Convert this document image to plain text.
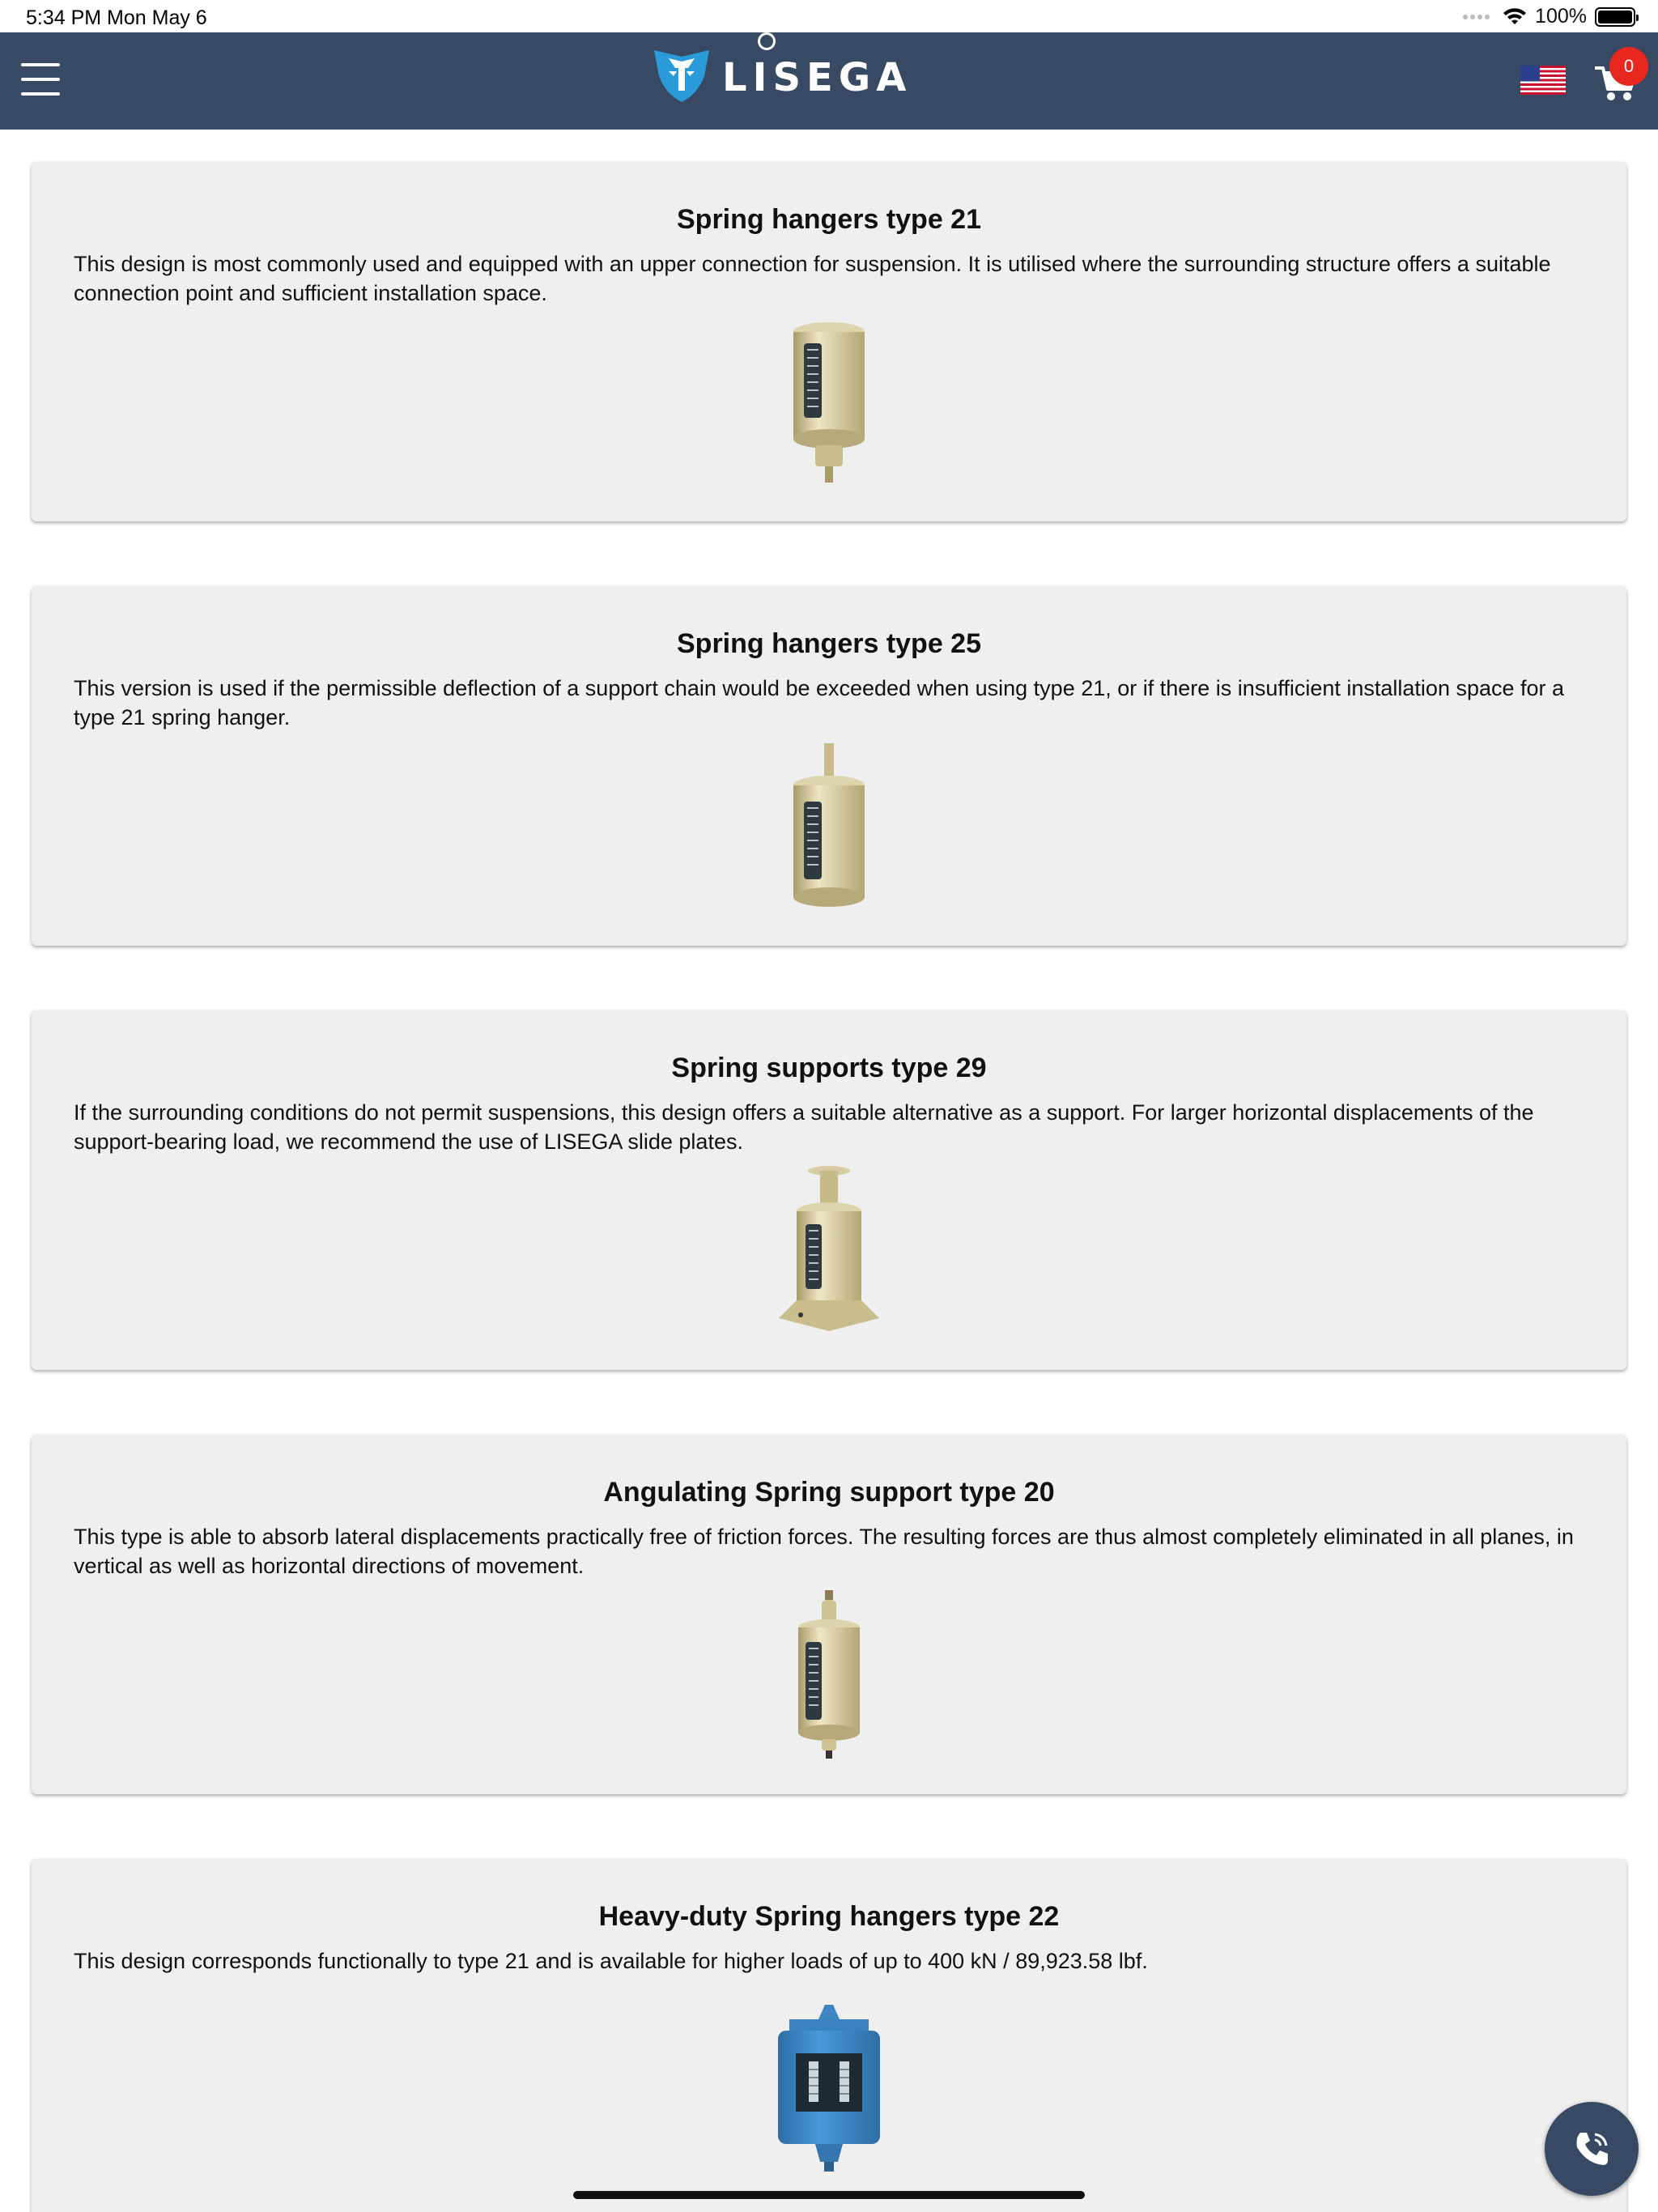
5:34 PM Mon May 6	100%
LISEGA	0
Spring hangers type 21
This design is most commonly used and equipped with an upper connection for suspension. It is utilised where the surrounding structure offers a suitable connection point and sufficient installation space.
Spring hangers type 25
This version is used if the permissible deflection of a support chain would be exceeded when using type 21, or if there is insufficient installation space for a type 21 spring hanger.
Spring supports type 29
If the surrounding conditions do not permit suspensions, this design offers a suitable alternative as a support. For larger horizontal displacements of the support-bearing load, we recommend the use of LISEGA slide plates.
Angulating Spring support type 20
This type is able to absorb lateral displacements practically free of friction forces. The resulting forces are thus almost completely eliminated in all planes, in vertical as well as horizontal directions of movement.
Heavy-duty Spring hangers type 22
This design corresponds functionally to type 21 and is available for higher loads of up to 400 kN / 89,923.58 lbf.
